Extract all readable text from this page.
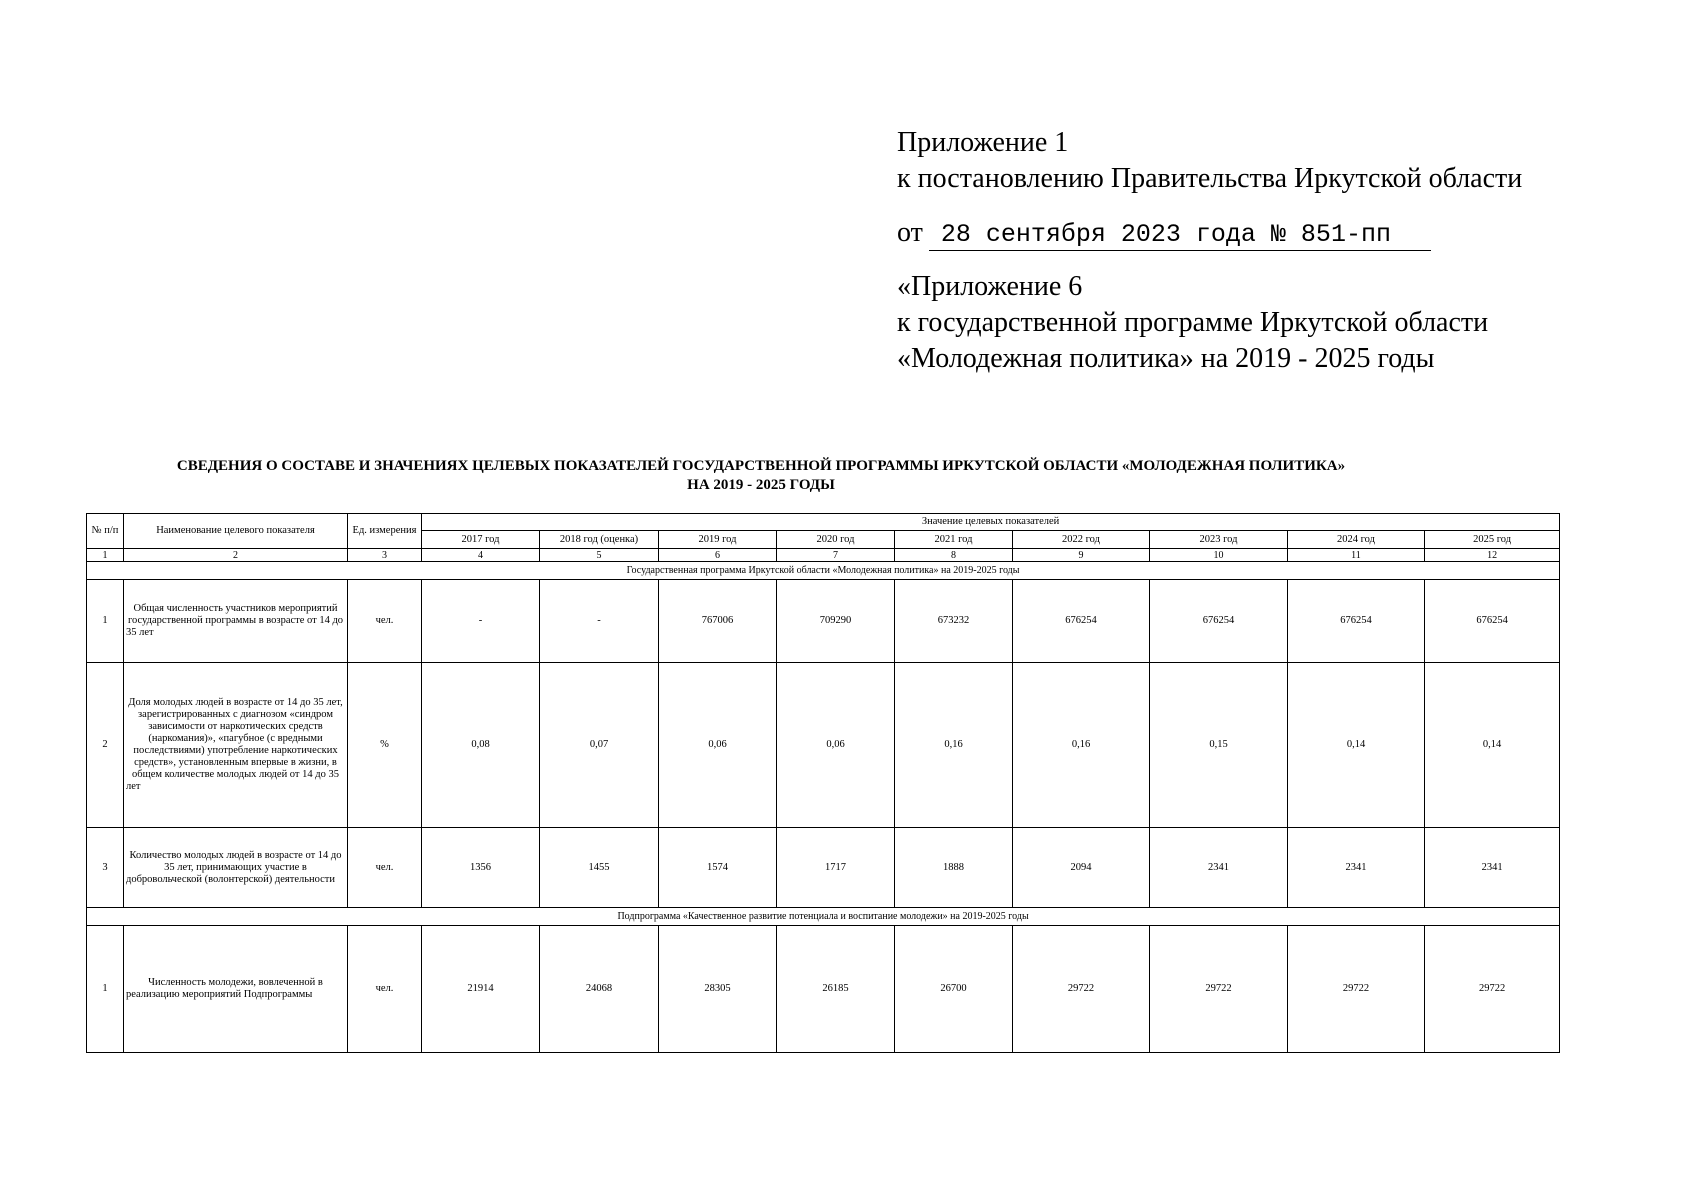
Приложение 1
к постановлению Правительства Иркутской области
от 28 сентября 2023 года № 851-пп
«Приложение 6
к государственной программе Иркутской области
«Молодежная политика» на 2019 - 2025 годы
СВЕДЕНИЯ О СОСТАВЕ И ЗНАЧЕНИЯХ ЦЕЛЕВЫХ ПОКАЗАТЕЛЕЙ ГОСУДАРСТВЕННОЙ ПРОГРАММЫ ИРКУТСКОЙ ОБЛАСТИ «МОЛОДЕЖНАЯ ПОЛИТИКА»
НА 2019 - 2025 ГОДЫ
№ п/п	Наименование целевого показателя	Ед. измерения	Значение целевых показателей								
			2017 год	2018 год (оценка)	2019 год	2020 год	2021 год	2022 год	2023 год	2024 год	2025 год
1	2	3	4	5	6	7	8	9	10	11	12
Государственная программа Иркутской области «Молодежная политика» на 2019-2025 годы											
1	Общая численность участников мероприятий государственной программы в возрасте от 14 до 35 лет	чел.	-	-	767006	709290	673232	676254	676254	676254	676254
2	Доля молодых людей в возрасте от 14 до 35 лет, зарегистрированных с диагнозом «синдром зависимости от наркотических средств (наркомания)», «пагубное (с вредными последствиями) употребление наркотических средств», установленным впервые в жизни, в общем количестве молодых людей от 14 до 35 лет	%	0,08	0,07	0,06	0,06	0,16	0,16	0,15	0,14	0,14
3	Количество молодых людей в возрасте от 14 до 35 лет, принимающих участие в добровольческой (волонтерской) деятельности	чел.	1356	1455	1574	1717	1888	2094	2341	2341	2341
Подпрограмма «Качественное развитие потенциала и воспитание молодежи» на 2019-2025 годы											
1	Численность молодежи, вовлеченной в реализацию мероприятий Подпрограммы	чел.	21914	24068	28305	26185	26700	29722	29722	29722	29722
